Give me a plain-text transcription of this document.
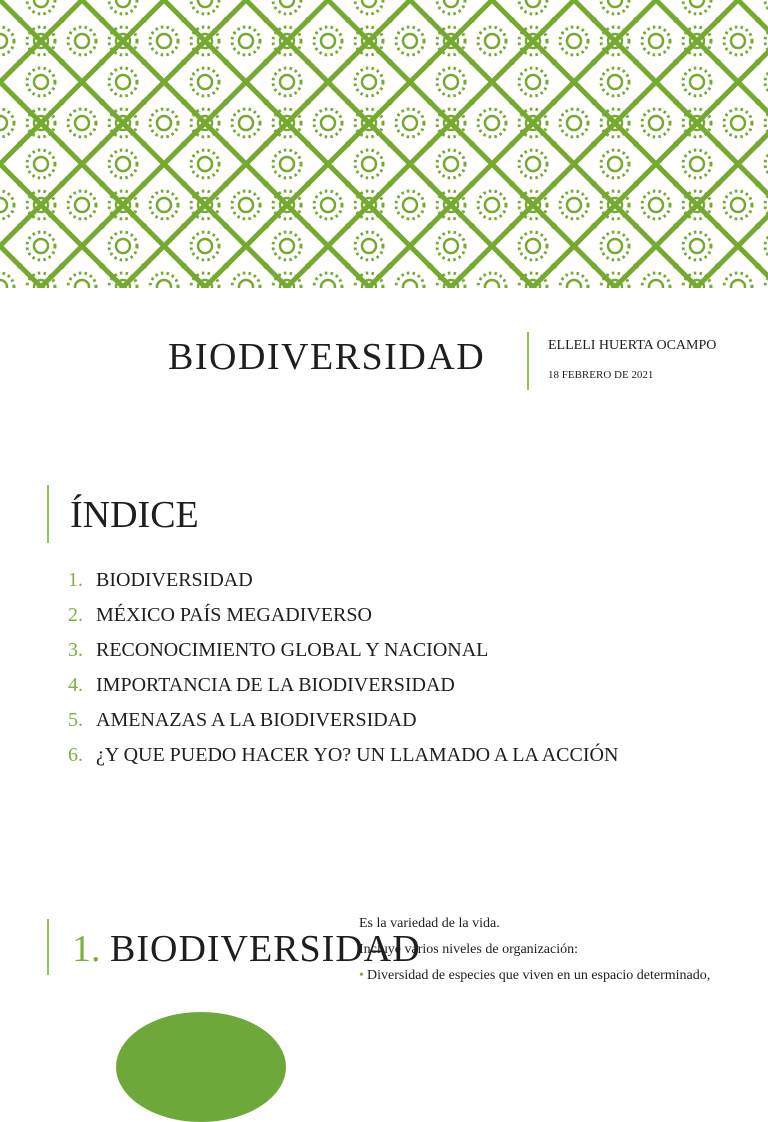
BIODIVERSIDAD	ELLELI HUERTA OCAMPO
18 FEBRERO DE 2021
ÍNDICE
1. BIODIVERSIDAD
2. MÉXICO PAÍS MEGADIVERSO
3. RECONOCIMIENTO GLOBAL Y NACIONAL
4. IMPORTANCIA DE LA BIODIVERSIDAD
5. AMENAZAS A LA BIODIVERSIDAD
6. ¿Y QUE PUEDO HACER YO? UN LLAMADO A LA ACCIÓN
1.

Es la variedad de la vida.

Incluye varios niveles de organización:

• Diversidad de especies que viven en un espacio determinado,
BIODIVERSIDAD
